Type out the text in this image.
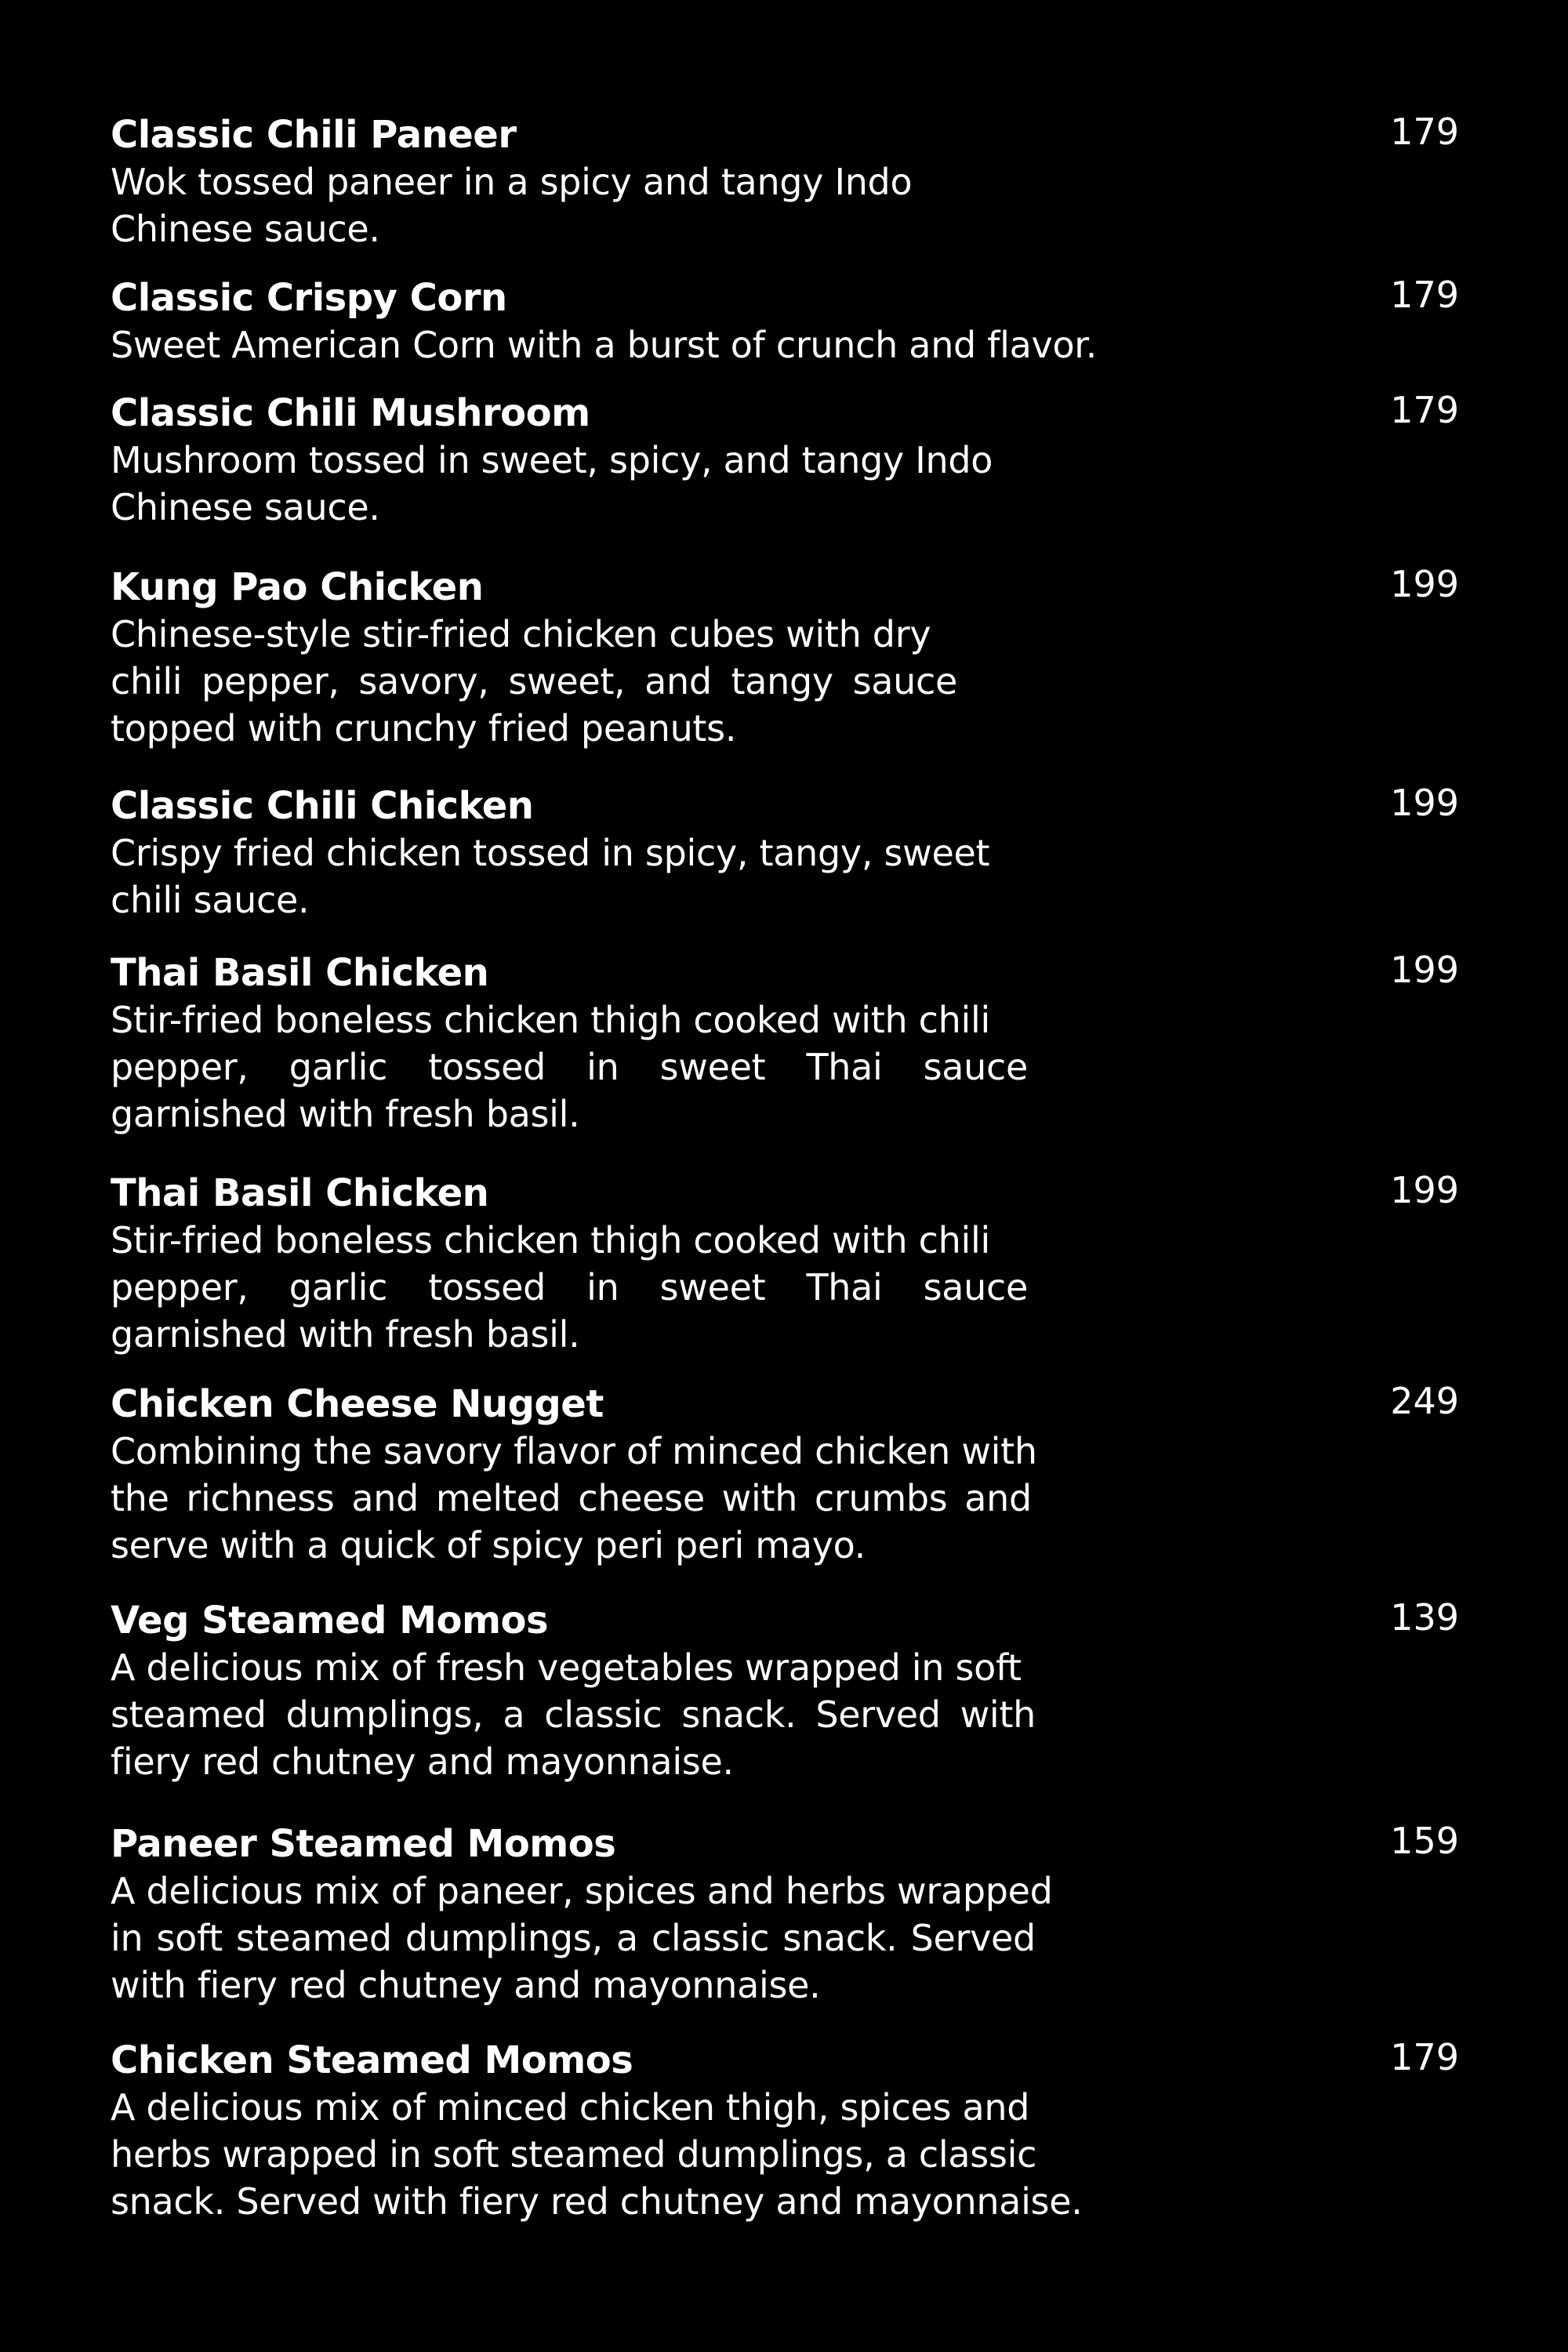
Classic Chili Paneer	179
Wok tossed paneer in a spicy and tangy Indo
Chinese sauce.
Classic Crispy Corn	179
Sweet American Corn with a burst of crunch and flavor.
Classic Chili Mushroom	179
Mushroom tossed in sweet, spicy, and tangy Indo
Chinese sauce.
Kung Pao Chicken	199
Chinese-style stir-fried chicken cubes with dry
chili pepper, savory, sweet, and tangy sauce
topped with crunchy fried peanuts.
Classic Chili Chicken	199
Crispy fried chicken tossed in spicy, tangy, sweet
chili sauce.
Thai Basil Chicken	199
Stir-fried boneless chicken thigh cooked with chili
pepper, garlic tossed in sweet Thai sauce
garnished with fresh basil.
Thai Basil Chicken	199
Stir-fried boneless chicken thigh cooked with chili
pepper, garlic tossed in sweet Thai sauce
garnished with fresh basil.
Chicken Cheese Nugget	249
Combining the savory flavor of minced chicken with
the richness and melted cheese with crumbs and
serve with a quick of spicy peri peri mayo.
Veg Steamed Momos	139
A delicious mix of fresh vegetables wrapped in soft
steamed dumplings, a classic snack. Served with
fiery red chutney and mayonnaise.
Paneer Steamed Momos	159
A delicious mix of paneer, spices and herbs wrapped
in soft steamed dumplings, a classic snack. Served
with fiery red chutney and mayonnaise.
Chicken Steamed Momos	179
A delicious mix of minced chicken thigh, spices and
herbs wrapped in soft steamed dumplings, a classic
snack. Served with fiery red chutney and mayonnaise.
